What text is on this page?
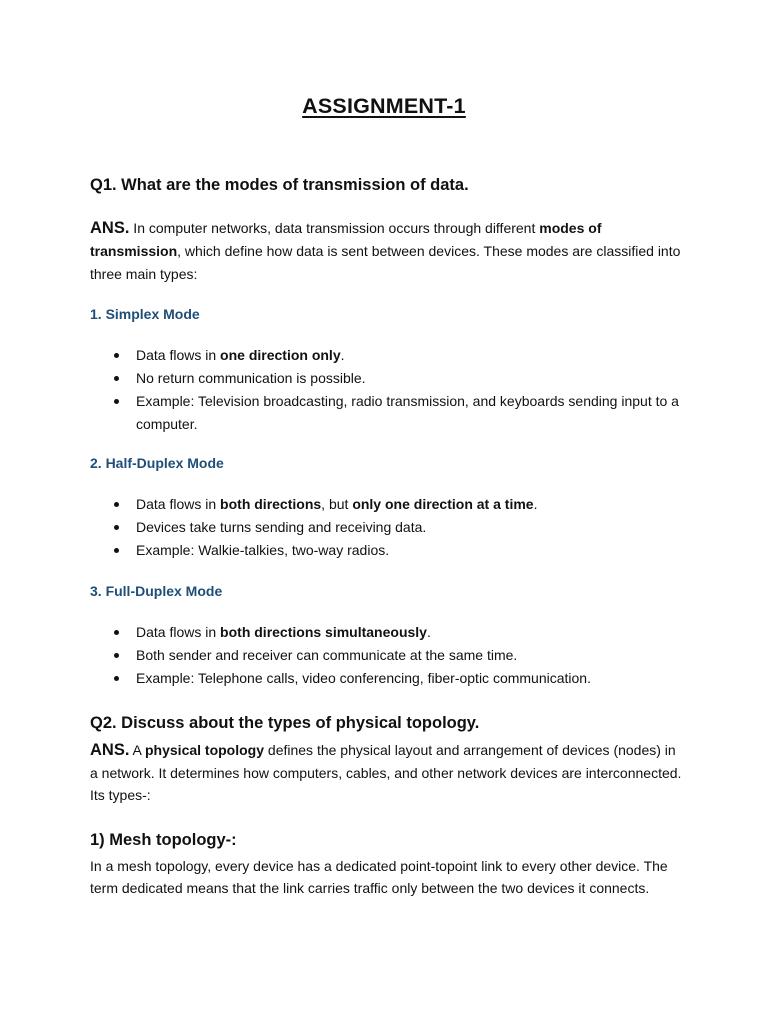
ASSIGNMENT-1

Q1. What are the modes of transmission of data.

ANS. In computer networks, data transmission occurs through different modes of transmission, which define how data is sent between devices. These modes are classified into three main types:

1. Simplex Mode

Data flows in one direction only.
No return communication is possible.
Example: Television broadcasting, radio transmission, and keyboards sending input to a computer.

2. Half-Duplex Mode

Data flows in both directions, but only one direction at a time.
Devices take turns sending and receiving data.
Example: Walkie-talkies, two-way radios.

3. Full-Duplex Mode

Data flows in both directions simultaneously.
Both sender and receiver can communicate at the same time.
Example: Telephone calls, video conferencing, fiber-optic communication.

Q2. Discuss about the types of physical topology.

ANS. A physical topology defines the physical layout and arrangement of devices (nodes) in a network. It determines how computers, cables, and other network devices are interconnected.

Its types-:

1) Mesh topology-:

In a mesh topology, every device has a dedicated point-topoint link to every other device. The term dedicated means that the link carries traffic only between the two devices it connects.
